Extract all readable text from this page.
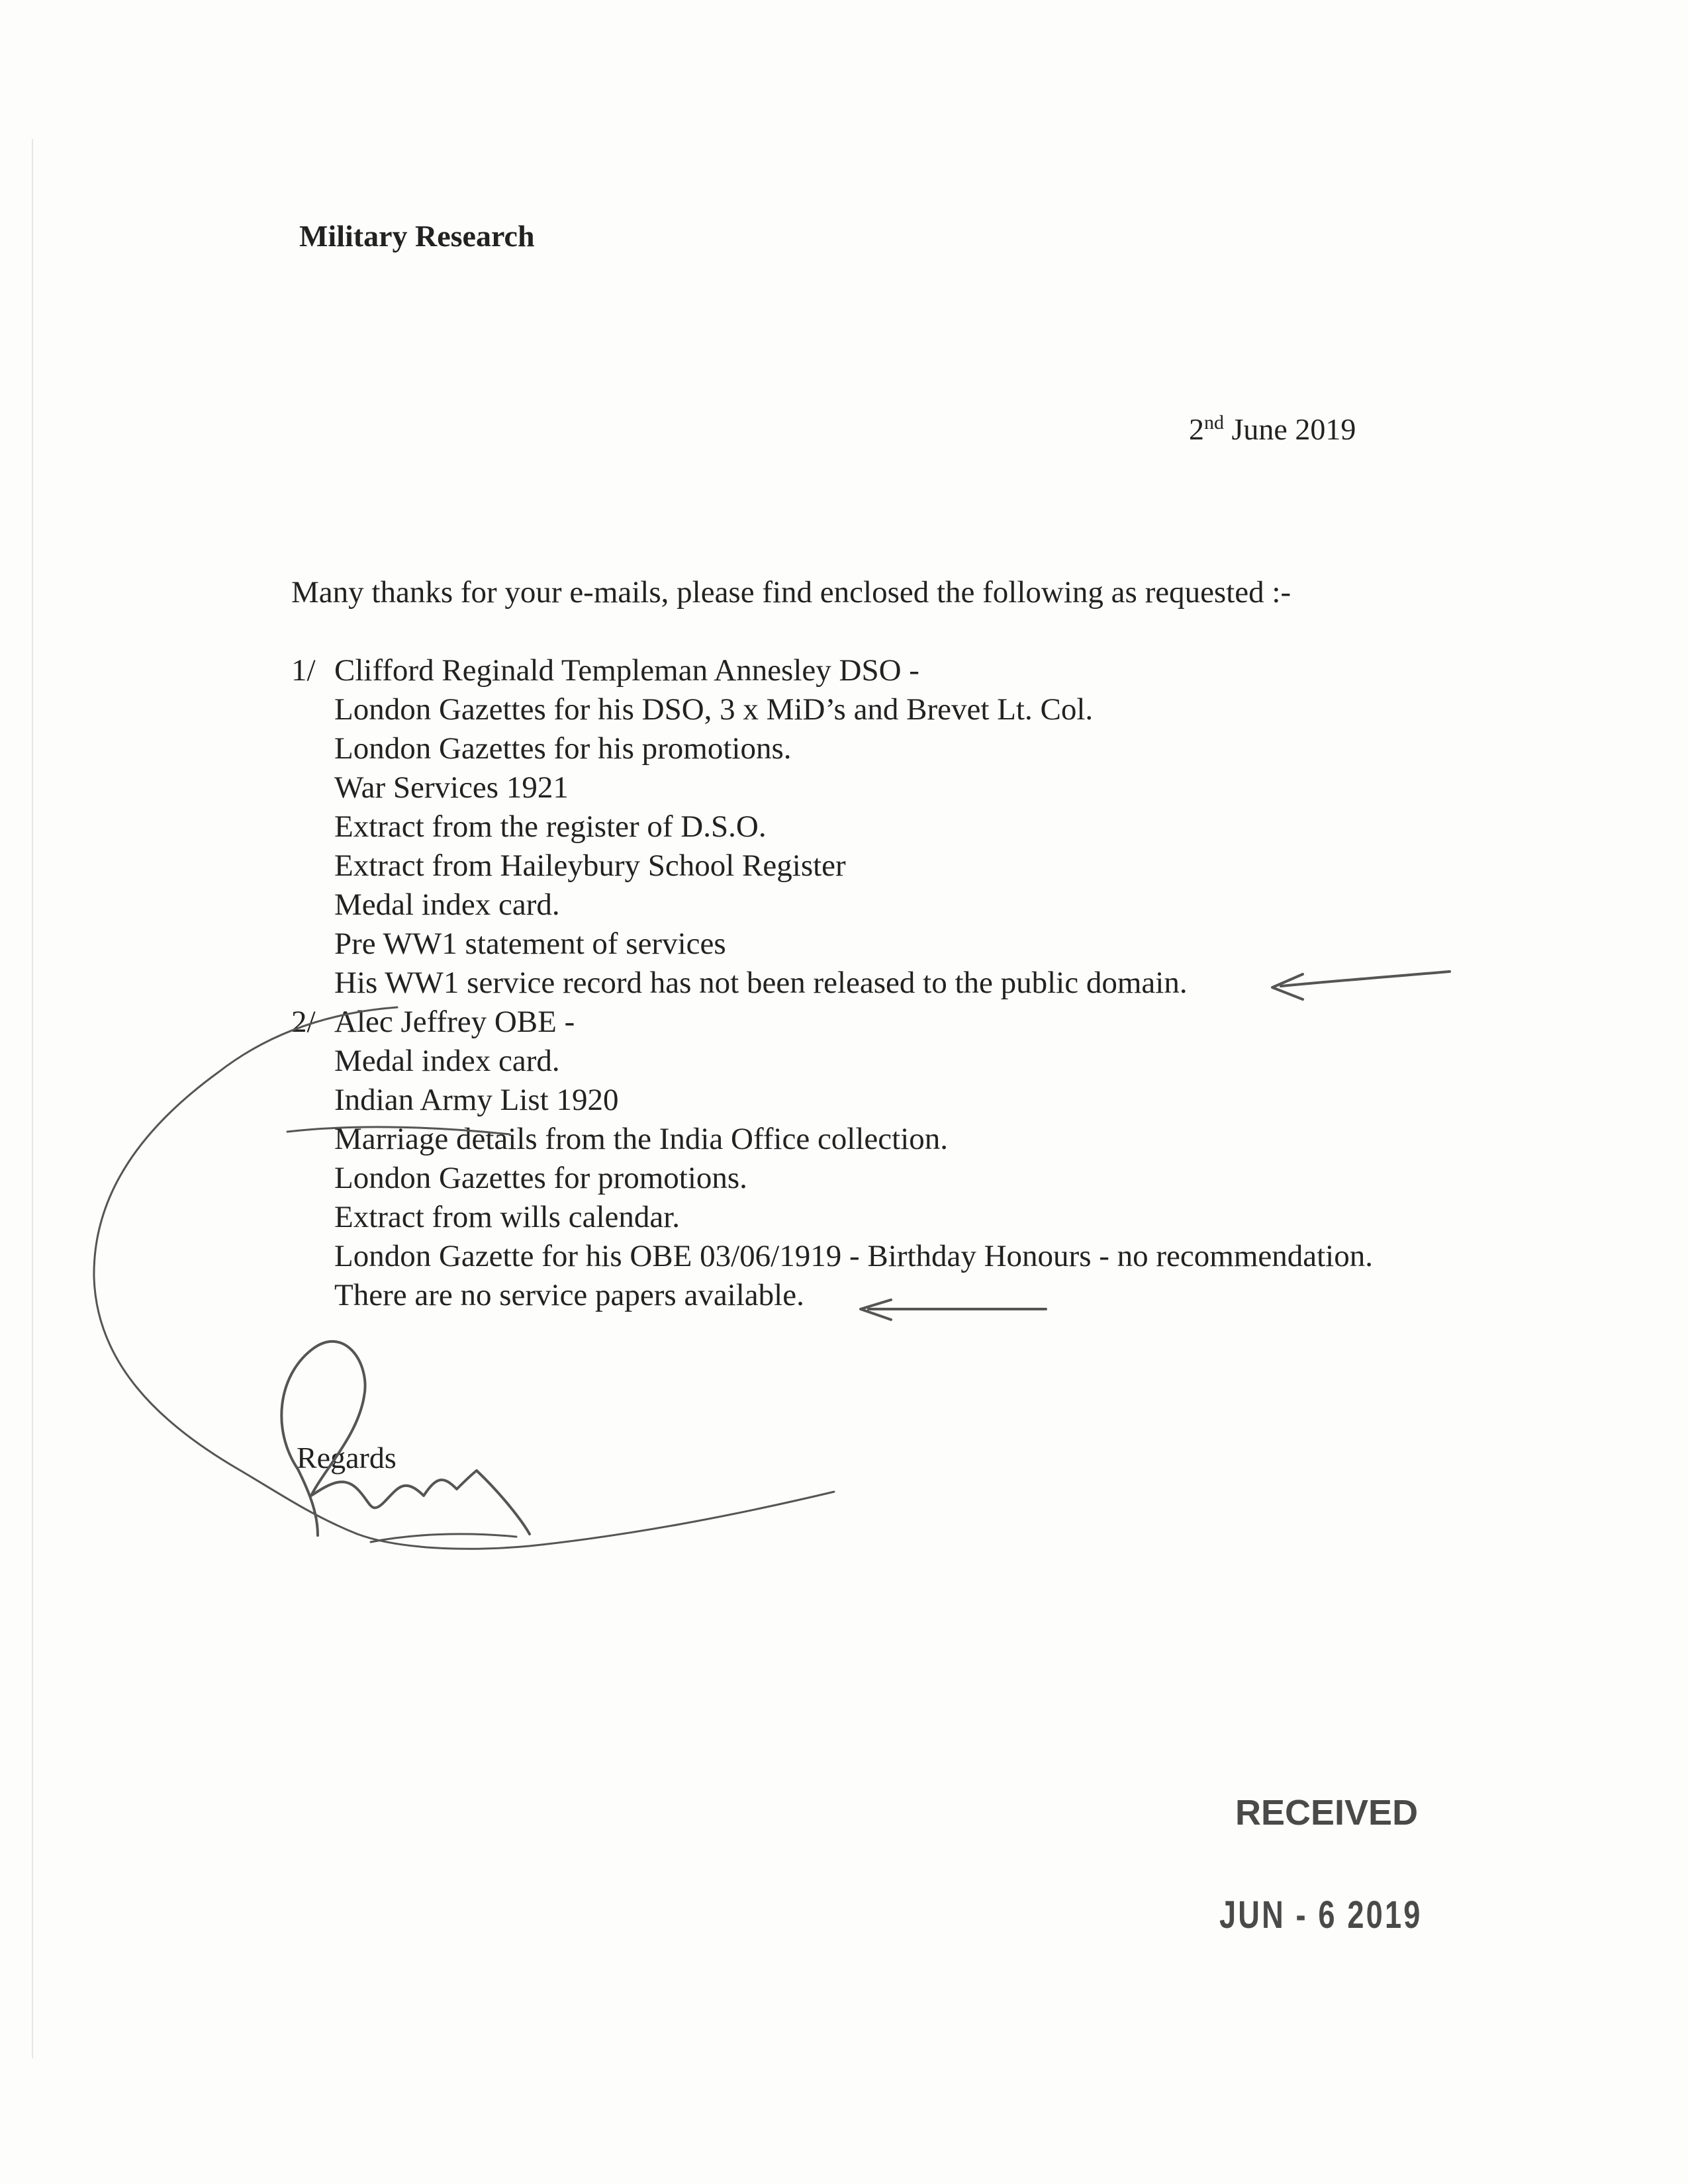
Military Research
2nd June 2019
Many thanks for your e-mails, please find enclosed the following as requested :-
1/ Clifford Reginald Templeman Annesley DSO -
London Gazettes for his DSO, 3 x MiD’s and Brevet Lt. Col.
London Gazettes for his promotions.
War Services 1921
Extract from the register of D.S.O.
Extract from Haileybury School Register
Medal index card.
Pre WW1 statement of services
His WW1 service record has not been released to the public domain.
2/ Alec Jeffrey OBE -
Medal index card.
Indian Army List 1920
Marriage details from the India Office collection.
London Gazettes for promotions.
Extract from wills calendar.
London Gazette for his OBE 03/06/1919 - Birthday Honours - no recommendation.
There are no service papers available.
Regards
RECEIVED
JUN - 6 2019
